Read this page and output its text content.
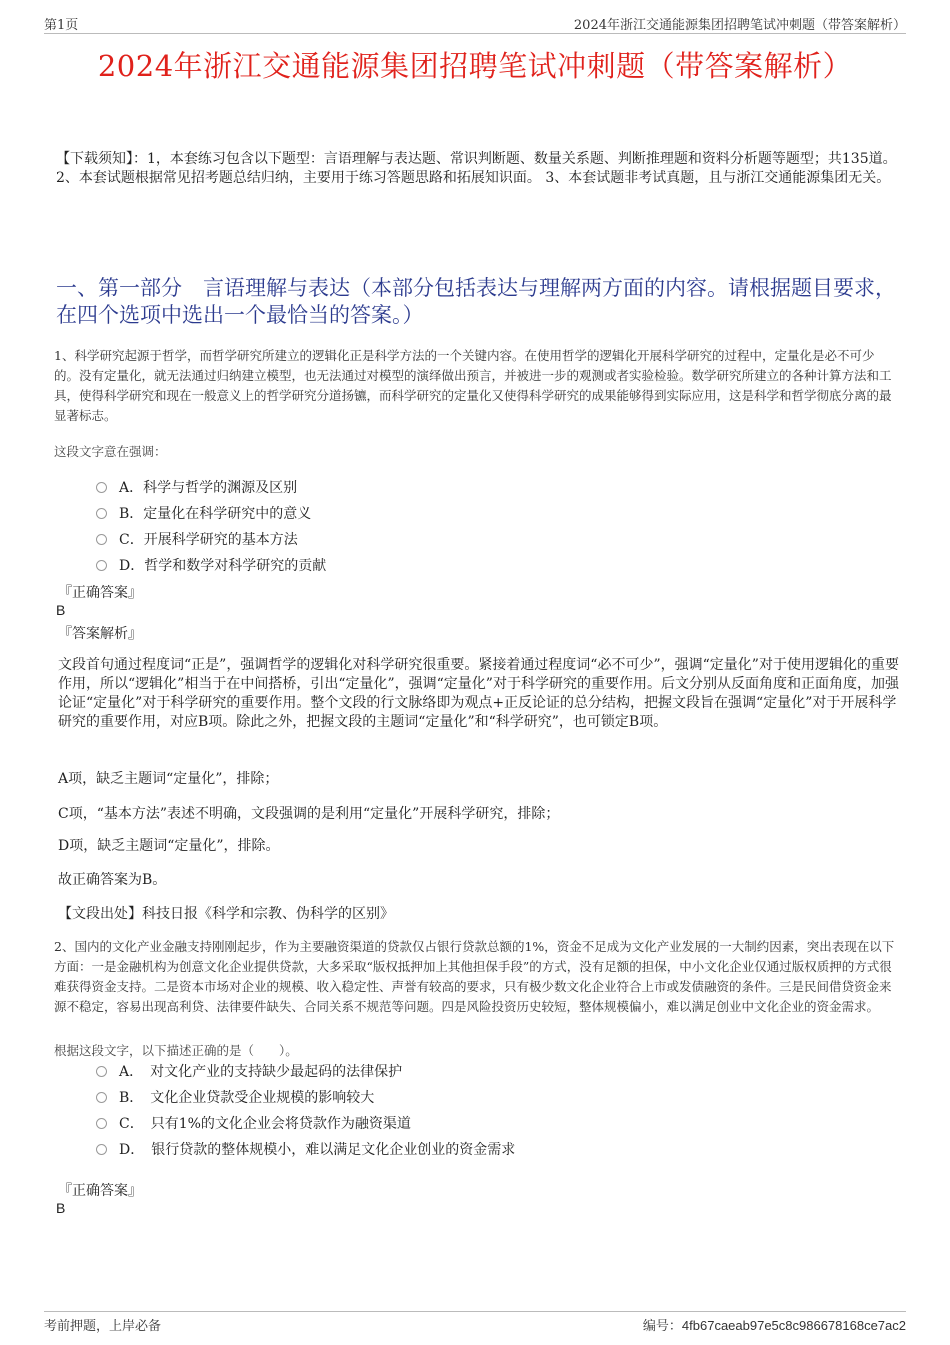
第1页	2024年浙江交通能源集团招聘笔试冲刺题（带答案解析）
2024年浙江交通能源集团招聘笔试冲刺题（带答案解析）
【下载须知】：1，本套练习包含以下题型：言语理解与表达题、常识判断题、数量关系题、判断推理题和资料分析题等题型；共135道。 2、本套试题根据常见招考题总结归纳，主要用于练习答题思路和拓展知识面。 3、本套试题非考试真题，且与浙江交通能源集团无关。
一、第一部分　言语理解与表达（本部分包括表达与理解两方面的内容。请根据题目要求，在四个选项中选出一个最恰当的答案。）
1、科学研究起源于哲学，而哲学研究所建立的逻辑化正是科学方法的一个关键内容。在使用哲学的逻辑化开展科学研究的过程中，定量化是必不可少的。没有定量化，就无法通过归纳建立模型，也无法通过对模型的演绎做出预言，并被进一步的观测或者实验检验。数学研究所建立的各种计算方法和工具，使得科学研究和现在一般意义上的哲学研究分道扬镳，而科学研究的定量化又使得科学研究的成果能够得到实际应用，这是科学和哲学彻底分离的最显著标志。
这段文字意在强调：
A．科学与哲学的渊源及区别
B．定量化在科学研究中的意义
C．开展科学研究的基本方法
D．哲学和数学对科学研究的贡献
『正确答案』
B
『答案解析』
文段首句通过程度词“正是”，强调哲学的逻辑化对科学研究很重要。紧接着通过程度词“必不可少”，强调“定量化”对于使用逻辑化的重要作用，所以“逻辑化”相当于在中间搭桥，引出“定量化”，强调“定量化”对于科学研究的重要作用。后文分别从反面角度和正面角度，加强论证“定量化”对于科学研究的重要作用。整个文段的行文脉络即为观点+正反论证的总分结构，把握文段旨在强调“定量化”对于开展科学研究的重要作用，对应B项。除此之外，把握文段的主题词“定量化”和“科学研究”，也可锁定B项。
A项，缺乏主题词“定量化”，排除；
C项，“基本方法”表述不明确，文段强调的是利用“定量化”开展科学研究，排除；
D项，缺乏主题词“定量化”，排除。
故正确答案为B。
【文段出处】科技日报《科学和宗教、伪科学的区别》
2、国内的文化产业金融支持刚刚起步，作为主要融资渠道的贷款仅占银行贷款总额的1%，资金不足成为文化产业发展的一大制约因素，突出表现在以下方面：一是金融机构为创意文化企业提供贷款，大多采取“版权抵押加上其他担保手段”的方式，没有足额的担保，中小文化企业仅通过版权质押的方式很难获得资金支持。二是资本市场对企业的规模、收入稳定性、声誉有较高的要求，只有极少数文化企业符合上市或发债融资的条件。三是民间借贷资金来源不稳定，容易出现高利贷、法律要件缺失、合同关系不规范等问题。四是风险投资历史较短，整体规模偏小，难以满足创业中文化企业的资金需求。
根据这段文字，以下描述正确的是（　　）。
A．　对文化产业的支持缺少最起码的法律保护
B．　文化企业贷款受企业规模的影响较大
C．　只有1%的文化企业会将贷款作为融资渠道
D．　银行贷款的整体规模小，难以满足文化企业创业的资金需求
『正确答案』
B
考前押题，上岸必备	编号：4fb67caeab97e5c8c986678168ce7ac2
